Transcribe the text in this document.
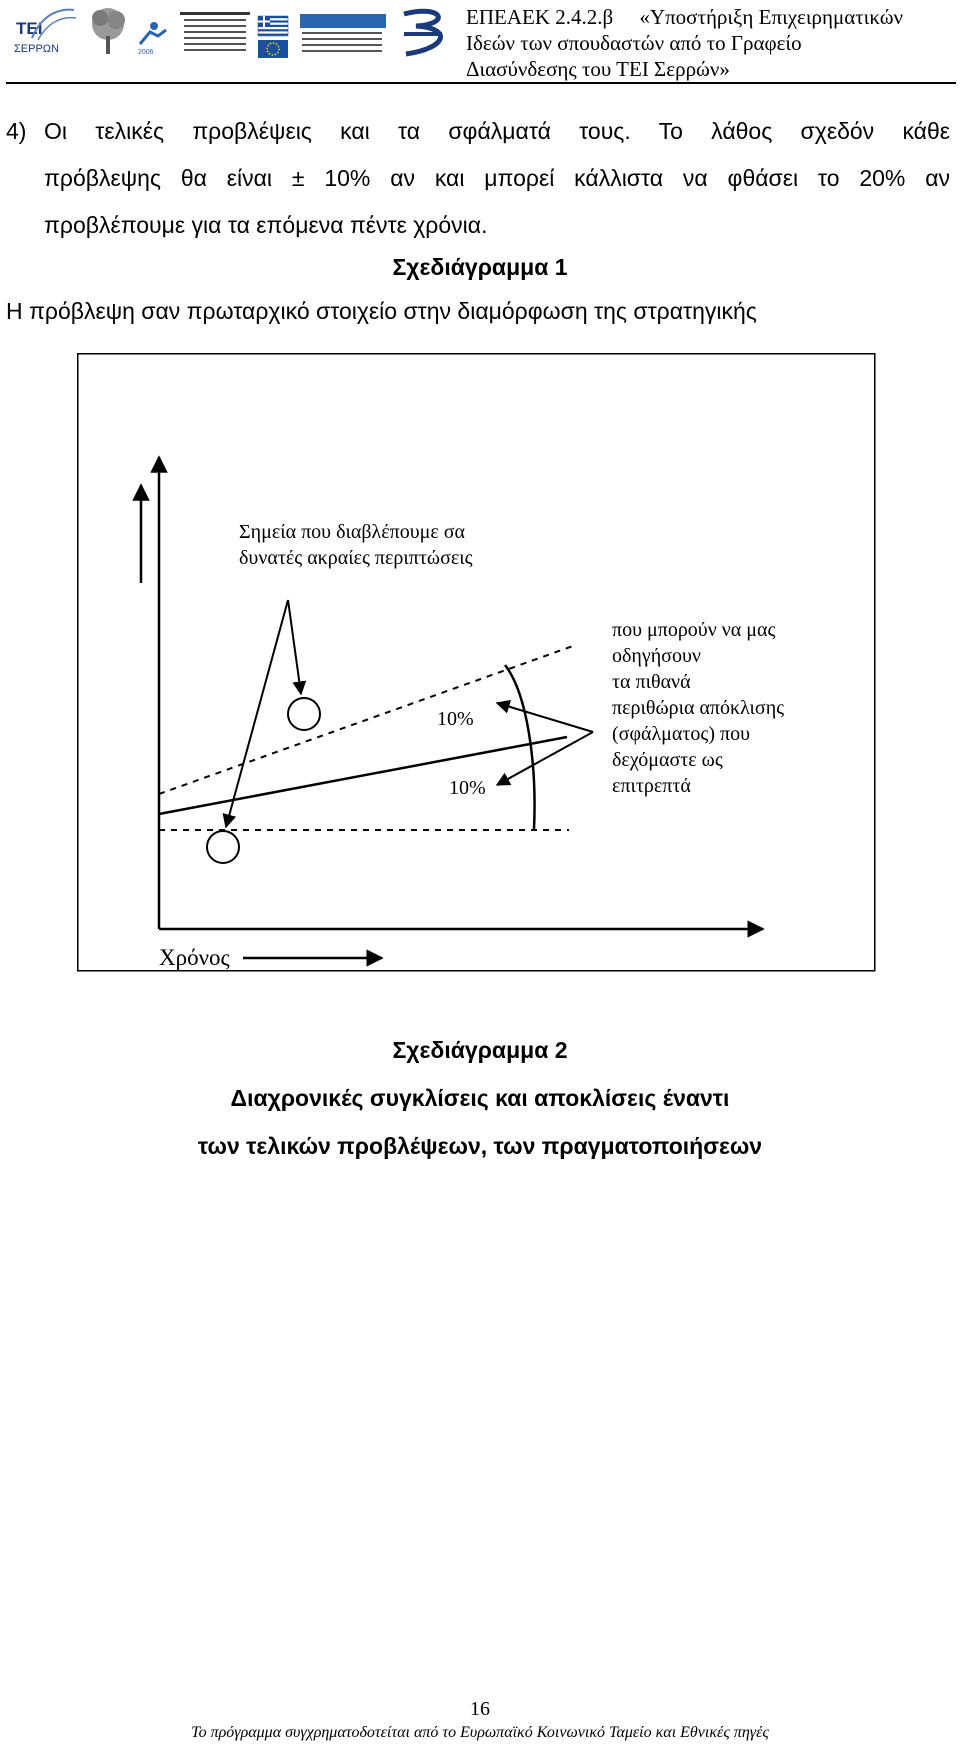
TEI
ΣΕΡΡΩΝ	2006
ΕΠΕΑΕΚ 2.4.2.β     «Υποστήριξη Επιχειρηματικών
Ιδεών των σπουδαστών από το Γραφείο
Διασύνδεσης του ΤΕΙ Σερρών»
4) Οι τελικές προβλέψεις και τα σφάλματά τους. Το λάθος σχεδόν κάθε
πρόβλεψης θα είναι ± 10% αν και μπορεί κάλλιστα να φθάσει το 20% αν
προβλέπουμε για τα επόμενα πέντε χρόνια.
Σχεδιάγραμμα 1
Η πρόβλεψη σαν πρωταρχικό στοιχείο στην διαμόρφωση της στρατηγικής
Σημεία που διαβλέπουμε σα
δυνατές ακραίες περιπτώσεις
10%
10%
που μπορούν να μας
οδηγήσουν
τα πιθανά
περιθώρια απόκλισης
(σφάλματος) που
δεχόμαστε ως
επιτρεπτά
Χρόνος
Σχεδιάγραμμα 2
Διαχρονικές συγκλίσεις και αποκλίσεις έναντι
των τελικών προβλέψεων, των πραγματοποιήσεων
16
Το πρόγραμμα συγχρηματοδοτείται από το Ευρωπαϊκό Κοινωνικό Ταμείο και Εθνικές πηγές
